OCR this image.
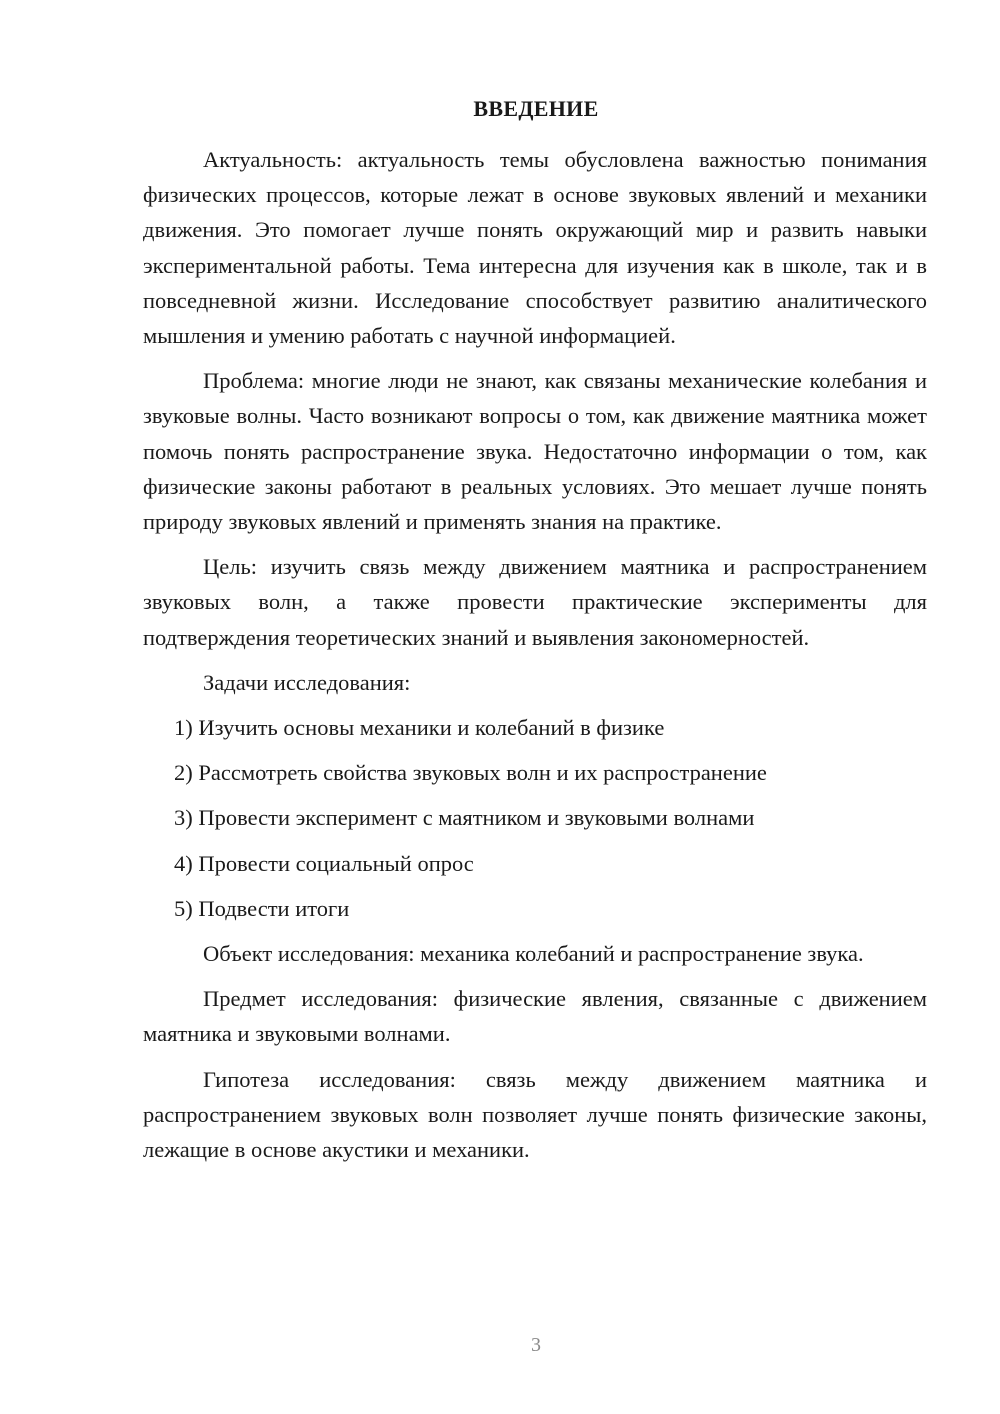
ВВЕДЕНИЕ

Актуальность: актуальность темы обусловлена важностью понимания физических процессов, которые лежат в основе звуковых явлений и механики движения. Это помогает лучше понять окружающий мир и развить навыки экспериментальной работы. Тема интересна для изучения как в школе, так и в повседневной жизни. Исследование способствует развитию аналитического мышления и умению работать с научной информацией.

Проблема: многие люди не знают, как связаны механические колебания и звуковые волны. Часто возникают вопросы о том, как движение маятника может помочь понять распространение звука. Недостаточно информации о том, как физические законы работают в реальных условиях. Это мешает лучше понять природу звуковых явлений и применять знания на практике.

Цель: изучить связь между движением маятника и распространением звуковых волн, а также провести практические эксперименты для подтверждения теоретических знаний и выявления закономерностей.

Задачи исследования:

1) Изучить основы механики и колебаний в физике
2) Рассмотреть свойства звуковых волн и их распространение
3) Провести эксперимент с маятником и звуковыми волнами
4) Провести социальный опрос
5) Подвести итоги

Объект исследования: механика колебаний и распространение звука.

Предмет исследования: физические явления, связанные с движением маятника и звуковыми волнами.

Гипотеза исследования: связь между движением маятника и распространением звуковых волн позволяет лучше понять физические законы, лежащие в основе акустики и механики.

3
